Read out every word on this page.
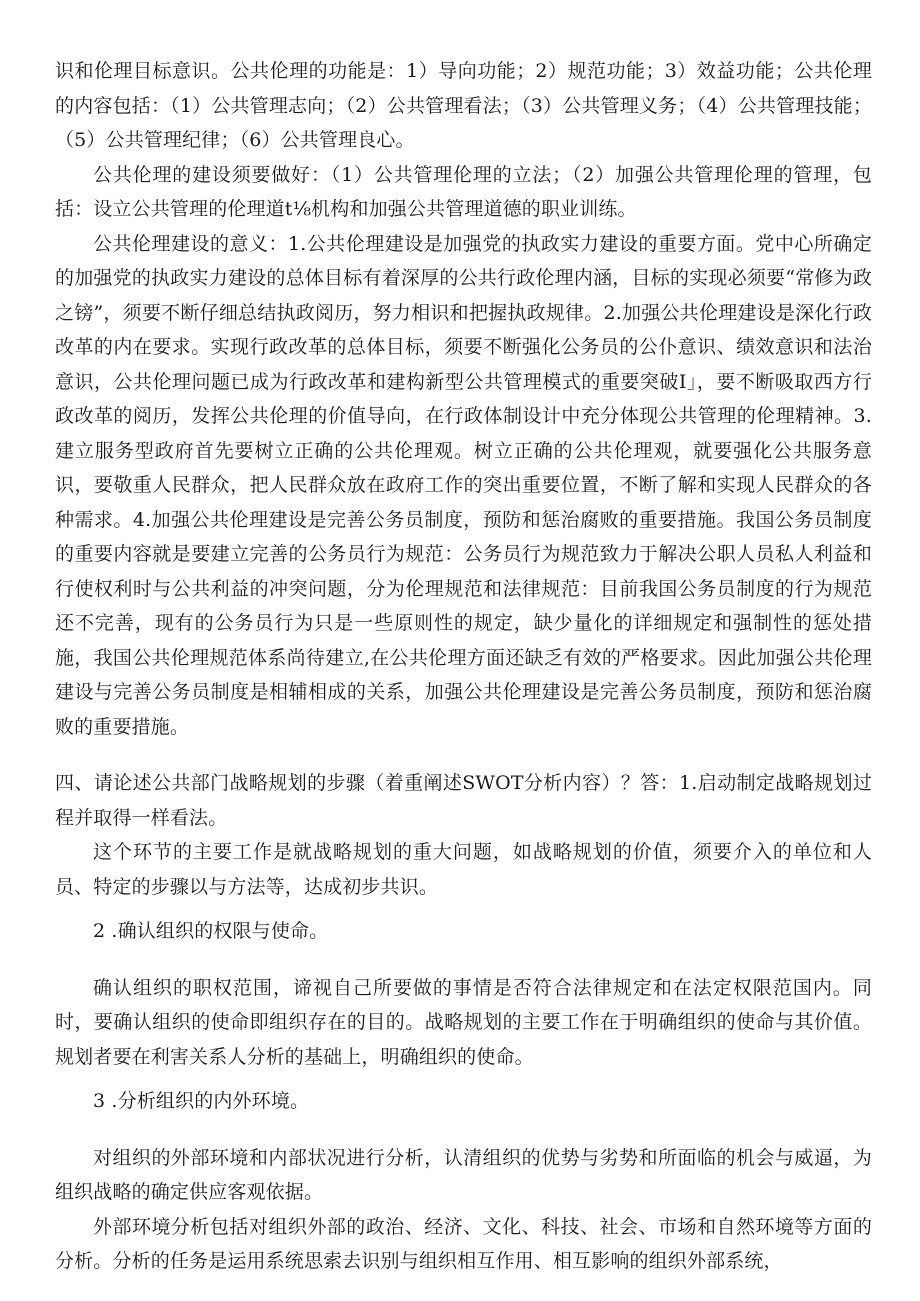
识和伦理目标意识。公共伦理的功能是：1）导向功能；2）规范功能；3）效益功能；公共伦理的内容包括：（1）公共管理志向；（2）公共管理看法；（3）公共管理义务；（4）公共管理技能；（5）公共管理纪律；（6）公共管理良心。

公共伦理的建设须要做好：（1）公共管理伦理的立法；（2）加强公共管理伦理的管理，包括：设立公共管理的伦理道t⅛机构和加强公共管理道德的职业训练。

公共伦理建设的意义：1.公共伦理建设是加强党的执政实力建设的重要方面。党中心所确定的加强党的执政实力建设的总体目标有着深厚的公共行政伦理内涵，目标的实现必须要“常修为政之镑”，须要不断仔细总结执政阅历，努力相识和把握执政规律。2.加强公共伦理建设是深化行政改革的内在要求。实现行政改革的总体目标，须要不断强化公务员的公仆意识、绩效意识和法治意识，公共伦理问题已成为行政改革和建构新型公共管理模式的重要突破I」，要不断吸取西方行政改革的阅历，发挥公共伦理的价值导向，在行政体制设计中充分体现公共管理的伦理精神。3.建立服务型政府首先要树立正确的公共伦理观。树立正确的公共伦理观，就要强化公共服务意识，要敬重人民群众，把人民群众放在政府工作的突出重要位置，不断了解和实现人民群众的各种需求。4.加强公共伦理建设是完善公务员制度，预防和惩治腐败的重要措施。我国公务员制度的重要内容就是要建立完善的公务员行为规范：公务员行为规范致力于解决公职人员私人利益和行使权利时与公共利益的冲突问题，分为伦理规范和法律规范：目前我国公务员制度的行为规范还不完善，现有的公务员行为只是一些原则性的规定，缺少量化的详细规定和强制性的惩处措施，我国公共伦理规范体系尚待建立,在公共伦理方面还缺乏有效的严格要求。因此加强公共伦理建设与完善公务员制度是相辅相成的关系，加强公共伦理建设是完善公务员制度，预防和惩治腐败的重要措施。

四、请论述公共部门战略规划的步骤（着重阐述SWOT分析内容）？答：1.启动制定战略规划过程并取得一样看法。

这个环节的主要工作是就战略规划的重大问题，如战略规划的价值，须要介入的单位和人员、特定的步骤以与方法等，达成初步共识。

2 .确认组织的权限与使命。

确认组织的职权范围，谛视自己所要做的事情是否符合法律规定和在法定权限范国内。同时，要确认组织的使命即组织存在的目的。战略规划的主要工作在于明确组织的使命与其价值。规划者要在利害关系人分析的基础上，明确组织的使命。

3 .分析组织的内外环境。

对组织的外部环境和内部状况进行分析，认清组织的优势与劣势和所面临的机会与威逼，为组织战略的确定供应客观依据。

外部环境分析包括对组织外部的政治、经济、文化、科技、社会、市场和自然环境等方面的分析。分析的任务是运用系统思索去识别与组织相互作用、相互影响的组织外部系统，
